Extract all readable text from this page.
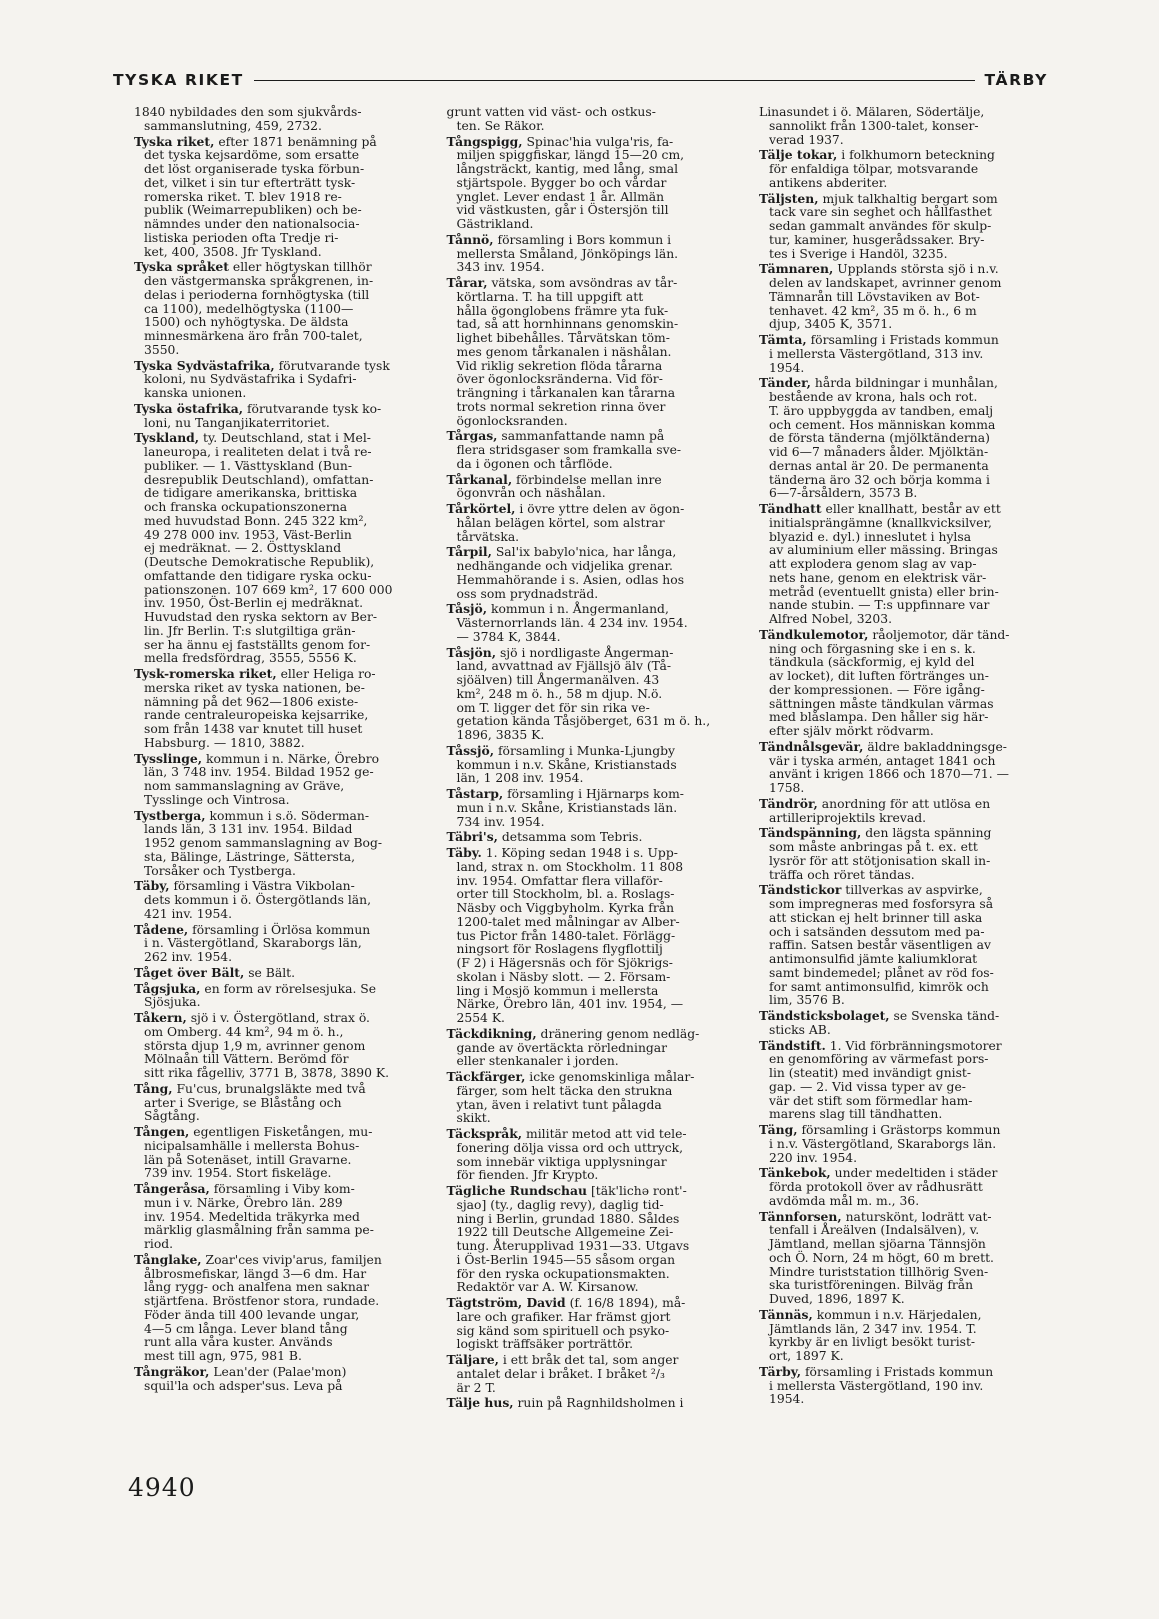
TYSKA RIKET	TÄRBY

1840 nybildades den som sjukvårds-
sammanslutning, 459, 2732.

Tyska riket, efter 1871 benämning på
det tyska kejsardöme, som ersatte
det löst organiserade tyska förbun-
det, vilket i sin tur efterträtt tysk-
romerska riket. T. blev 1918 re-
publik (Weimarrepubliken) och be-
nämndes under den nationalsocia-
listiska perioden ofta Tredje ri-
ket, 400, 3508. Jfr Tyskland.

Tyska språket eller högtyskan tillhör
den västgermanska språkgrenen, in-
delas i perioderna fornhögtyska (till
ca 1100), medelhögtyska (1100—
1500) och nyhögtyska. De äldsta
minnesmärkena äro från 700-talet,
3550.

Tyska Sydvästafrika, förutvarande tysk
koloni, nu Sydvästafrika i Sydafri-
kanska unionen.

Tyska östafrika, förutvarande tysk ko-
loni, nu Tanganjikaterritoriet.

Tyskland, ty. Deutschland, stat i Mel-
laneuropa, i realiteten delat i två re-
publiker. — 1. Västtyskland (Bun-
desrepublik Deutschland), omfattan-
de tidigare amerikanska, brittiska
och franska ockupationszonerna
med huvudstad Bonn. 245 322 km²,
49 278 000 inv. 1953, Väst-Berlin
ej medräknat. — 2. Östtyskland
(Deutsche Demokratische Republik),
omfattande den tidigare ryska ocku-
pationszonen. 107 669 km², 17 600 000
inv. 1950, Öst-Berlin ej medräknat.
Huvudstad den ryska sektorn av Ber-
lin. Jfr Berlin. T:s slutgiltiga grän-
ser ha ännu ej fastställts genom for-
mella fredsfördrag, 3555, 5556 K.

Tysk-romerska riket, eller Heliga ro-
merska riket av tyska nationen, be-
nämning på det 962—1806 existe-
rande centraleuropeiska kejsarrike,
som från 1438 var knutet till huset
Habsburg. — 1810, 3882.

Tysslinge, kommun i n. Närke, Örebro
län, 3 748 inv. 1954. Bildad 1952 ge-
nom sammanslagning av Gräve,
Tysslinge och Vintrosa.

Tystberga, kommun i s.ö. Söderman-
lands län, 3 131 inv. 1954. Bildad
1952 genom sammanslagning av Bog-
sta, Bälinge, Lästringe, Sättersta,
Torsåker och Tystberga.

Täby, församling i Västra Vikbolan-
dets kommun i ö. Östergötlands län,
421 inv. 1954.

Tådene, församling i Örlösa kommun
i n. Västergötland, Skaraborgs län,
262 inv. 1954.

Tåget över Bält, se Bält.

Tågsjuka, en form av rörelsesjuka. Se
Sjösjuka.

Tåkern, sjö i v. Östergötland, strax ö.
om Omberg. 44 km², 94 m ö. h.,
största djup 1,9 m, avrinner genom
Mölnaån till Vättern. Berömd för
sitt rika fågelliv, 3771 B, 3878, 3890 K.

Tång, Fu'cus, brunalgsläkte med två
arter i Sverige, se Blåstång och
Sågtång.

Tången, egentligen Fisketången, mu-
nicipalsamhälle i mellersta Bohus-
län på Sotenäset, intill Gravarne.
739 inv. 1954. Stort fiskeläge.

Tångeråsa, församling i Viby kom-
mun i v. Närke, Örebro län. 289
inv. 1954. Medeltida träkyrka med
märklig glasmålning från samma pe-
riod.

Tånglake, Zoar'ces vivip'arus, familjen
ålbrosmefiskar, längd 3—6 dm. Har
lång rygg- och analfena men saknar
stjärtfena. Bröstfenor stora, rundade.
Föder ända till 400 levande ungar,
4—5 cm långa. Lever bland tång
runt alla våra kuster. Används
mest till agn, 975, 981 B.

Tångräkor, Lean'der (Palae'mon)
squil'la och adsper'sus. Leva på

grunt vatten vid väst- och ostkus-
ten. Se Räkor.

Tångspigg, Spinac'hia vulga'ris, fa-
miljen spiggfiskar, längd 15—20 cm,
långsträckt, kantig, med lång, smal
stjärtspole. Bygger bo och vårdar
ynglet. Lever endast 1 år. Allmän
vid västkusten, går i Östersjön till
Gästrikland.

Tånnö, församling i Bors kommun i
mellersta Småland, Jönköpings län.
343 inv. 1954.

Tårar, vätska, som avsöndras av tår-
körtlarna. T. ha till uppgift att
hålla ögonglobens främre yta fuk-
tad, så att hornhinnans genomskin-
lighet bibehålles. Tårvätskan töm-
mes genom tårkanalen i näshålan.
Vid riklig sekretion flöda tårarna
över ögonlocksränderna. Vid för-
trängning i tårkanalen kan tårarna
trots normal sekretion rinna över
ögonlocksranden.

Tårgas, sammanfattande namn på
flera stridsgaser som framkalla sve-
da i ögonen och tårflöde.

Tårkanal, förbindelse mellan inre
ögonvrån och näshålan.

Tårkörtel, i övre yttre delen av ögon-
hålan belägen körtel, som alstrar
tårvätska.

Tårpil, Sal'ix babylo'nica, har långa,
nedhängande och vidjelika grenar.
Hemmahörande i s. Asien, odlas hos
oss som prydnadsträd.

Tåsjö, kommun i n. Ångermanland,
Västernorrlands län. 4 234 inv. 1954.
— 3784 K, 3844.

Tåsjön, sjö i nordligaste Ångerman-
land, avvattnad av Fjällsjö älv (Tå-
sjöälven) till Ångermanälven. 43
km², 248 m ö. h., 58 m djup. N.ö.
om T. ligger det för sin rika ve-
getation kända Tåsjöberget, 631 m ö. h.,
1896, 3835 K.

Tåssjö, församling i Munka-Ljungby
kommun i n.v. Skåne, Kristianstads
län, 1 208 inv. 1954.

Tåstarp, församling i Hjärnarps kom-
mun i n.v. Skåne, Kristianstads län.
734 inv. 1954.

Täbri's, detsamma som Tebris.

Täby. 1. Köping sedan 1948 i s. Upp-
land, strax n. om Stockholm. 11 808
inv. 1954. Omfattar flera villaför-
orter till Stockholm, bl. a. Roslags-
Näsby och Viggbyholm. Kyrka från
1200-talet med målningar av Alber-
tus Pictor från 1480-talet. Förlägg-
ningsort för Roslagens flygflottilj
(F 2) i Hägersnäs och för Sjökrigs-
skolan i Näsby slott. — 2. Försam-
ling i Mosjö kommun i mellersta
Närke, Örebro län, 401 inv. 1954, —
2554 K.

Täckdikning, dränering genom nedläg-
gande av övertäckta rörledningar
eller stenkanaler i jorden.

Täckfärger, icke genomskinliga målar-
färger, som helt täcka den strukna
ytan, även i relativt tunt pålagda
skikt.

Täckspråk, militär metod att vid tele-
fonering dölja vissa ord och uttryck,
som innebär viktiga upplysningar
för fienden. Jfr Krypto.

Tägliche Rundschau [täk'lichə ront'-
sjao] (ty., daglig revy), daglig tid-
ning i Berlin, grundad 1880. Såldes
1922 till Deutsche Allgemeine Zei-
tung. Återupplivad 1931—33. Utgavs
i Öst-Berlin 1945—55 såsom organ
för den ryska ockupationsmakten.
Redaktör var A. W. Kirsanow.

Tägtström, David (f. 16/8 1894), må-
lare och grafiker. Har främst gjort
sig känd som spirituell och psyko-
logiskt träffsäker porträttör.

Täljare, i ett bråk det tal, som anger
antalet delar i bråket. I bråket ²/₃
är 2 T.

Tälje hus, ruin på Ragnhildsholmen i

Linasundet i ö. Mälaren, Södertälje,
sannolikt från 1300-talet, konser-
verad 1937.

Tälje tokar, i folkhumorn beteckning
för enfaldiga tölpar, motsvarande
antikens abderiter.

Täljsten, mjuk talkhaltig bergart som
tack vare sin seghet och hållfasthet
sedan gammalt användes för skulp-
tur, kaminer, husgerådssaker. Bry-
tes i Sverige i Handöl, 3235.

Tämnaren, Upplands största sjö i n.v.
delen av landskapet, avrinner genom
Tämnarån till Lövstaviken av Bot-
tenhavet. 42 km², 35 m ö. h., 6 m
djup, 3405 K, 3571.

Tämta, församling i Fristads kommun
i mellersta Västergötland, 313 inv.
1954.

Tänder, hårda bildningar i munhålan,
bestående av krona, hals och rot.
T. äro uppbyggda av tandben, emalj
och cement. Hos människan komma
de första tänderna (mjölktänderna)
vid 6—7 månaders ålder. Mjölktän-
dernas antal är 20. De permanenta
tänderna äro 32 och börja komma i
6—7-årsåldern, 3573 B.

Tändhatt eller knallhatt, består av ett
initialsprängämne (knallkvicksilver,
blyazid e. dyl.) inneslutet i hylsa
av aluminium eller mässing. Bringas
att explodera genom slag av vap-
nets hane, genom en elektrisk vär-
metråd (eventuellt gnista) eller brin-
nande stubin. — T:s uppfinnare var
Alfred Nobel, 3203.

Tändkulemotor, råoljemotor, där tänd-
ning och förgasning ske i en s. k.
tändkula (säckformig, ej kyld del
av locket), dit luften förtränges un-
der kompressionen. — Före igång-
sättningen måste tändkulan värmas
med blåslampa. Den håller sig här-
efter själv mörkt rödvarm.

Tändnålsgevär, äldre bakladdningsge-
vär i tyska armén, antaget 1841 och
använt i krigen 1866 och 1870—71. —
1758.

Tändrör, anordning för att utlösa en
artilleriprojektils krevad.

Tändspänning, den lägsta spänning
som måste anbringas på t. ex. ett
lysrör för att stötjonisation skall in-
träffa och röret tändas.

Tändstickor tillverkas av aspvirke,
som impregneras med fosforsyra så
att stickan ej helt brinner till aska
och i satsänden dessutom med pa-
raffin. Satsen består väsentligen av
antimonsulfid jämte kaliumklorat
samt bindemedel; plånet av röd fos-
for samt antimonsulfid, kimrök och
lim, 3576 B.

Tändsticksbolaget, se Svenska tänd-
sticks AB.

Tändstift. 1. Vid förbränningsmotorer
en genomföring av värmefast pors-
lin (steatit) med invändigt gnist-
gap. — 2. Vid vissa typer av ge-
vär det stift som förmedlar ham-
marens slag till tändhatten.

Täng, församling i Grästorps kommun
i n.v. Västergötland, Skaraborgs län.
220 inv. 1954.

Tänkebok, under medeltiden i städer
förda protokoll över av rådhusrätt
avdömda mål m. m., 36.

Tännforsen, naturskönt, lodrätt vat-
tenfall i Åreälven (Indalsälven), v.
Jämtland, mellan sjöarna Tännsjön
och Ö. Norn, 24 m högt, 60 m brett.
Mindre turiststation tillhörig Sven-
ska turistföreningen. Bilväg från
Duved, 1896, 1897 K.

Tännäs, kommun i n.v. Härjedalen,
Jämtlands län, 2 347 inv. 1954. T.
kyrkby är en livligt besökt turist-
ort, 1897 K.

Tärby, församling i Fristads kommun
i mellersta Västergötland, 190 inv.
1954.

4940
